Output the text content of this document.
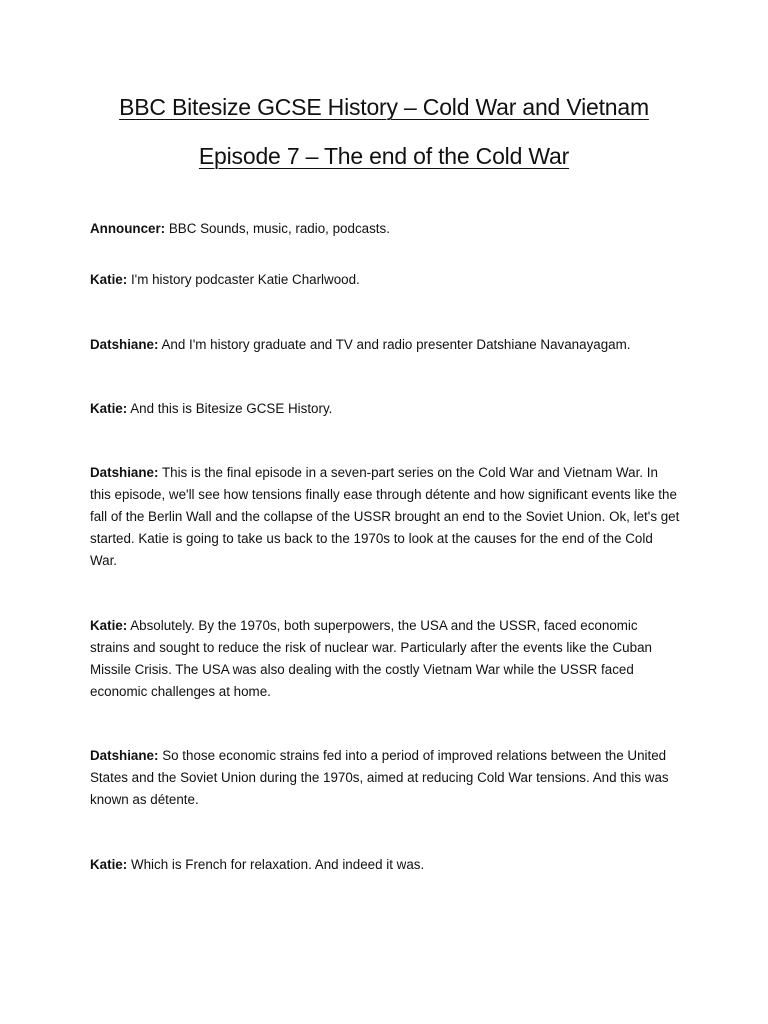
BBC Bitesize GCSE History – Cold War and Vietnam
Episode 7 – The end of the Cold War

Announcer: BBC Sounds, music, radio, podcasts.

Katie: I'm history podcaster Katie Charlwood.

Datshiane: And I'm history graduate and TV and radio presenter Datshiane Navanayagam.

Katie: And this is Bitesize GCSE History.

Datshiane: This is the final episode in a seven-part series on the Cold War and Vietnam War. In this episode, we'll see how tensions finally ease through détente and how significant events like the fall of the Berlin Wall and the collapse of the USSR brought an end to the Soviet Union. Ok, let's get started. Katie is going to take us back to the 1970s to look at the causes for the end of the Cold War.

Katie: Absolutely. By the 1970s, both superpowers, the USA and the USSR, faced economic strains and sought to reduce the risk of nuclear war. Particularly after the events like the Cuban Missile Crisis. The USA was also dealing with the costly Vietnam War while the USSR faced economic challenges at home.

Datshiane: So those economic strains fed into a period of improved relations between the United States and the Soviet Union during the 1970s, aimed at reducing Cold War tensions. And this was known as détente.

Katie: Which is French for relaxation. And indeed it was.
